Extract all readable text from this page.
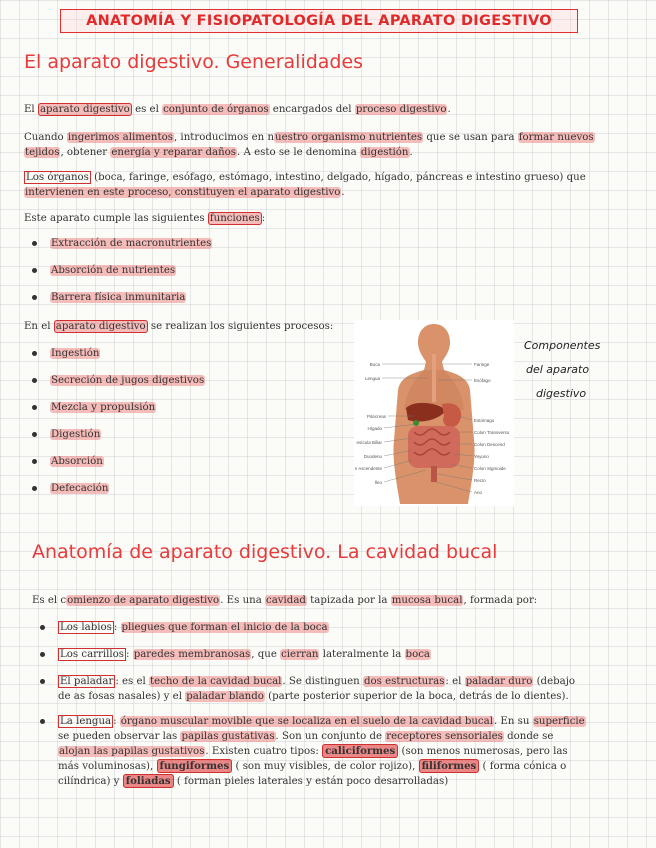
ANATOMÍA Y FISIOPATOLOGÍA DEL APARATO DIGESTIVO
El aparato digestivo. Generalidades
El aparato digestivo es el conjunto de órganos encargados del proceso digestivo.
Cuando ingerimos alimentos, introducimos en nuestro organismo nutrientes que se usan para formar nuevos
tejidos, obtener energía y reparar daños. A esto se le denomina digestión.
Los órganos (boca, faringe, esófago, estómago, intestino, delgado, hígado, páncreas e intestino grueso) que
intervienen en este proceso, constituyen el aparato digestivo.
Este aparato cumple las siguientes funciones :
Extracción de macronutrientes
Absorción de nutrientes
Barrera física inmunitaria
En el aparato digestivo se realizan los siguientes procesos:
Ingestión
Secreción de jugos digestivos
Mezcla y propulsión
Digestión
Absorción
Defecación
Boca
Lengua
Páncreas
Hígado
esícula Biliar
Duodeno
n Ascendente
Íleo
Faringe
Esófago
Estómago
Colon Transverso
Colon Descend
Yeyuno
Colon Sigmoide
Recto
Ano
Componentes
del aparato
digestivo
Anatomía de aparato digestivo. La cavidad bucal
Es el comienzo de aparato digestivo. Es una cavidad tapizada por la mucosa bucal, formada por:
Los labios : pliegues que forman el inicio de la boca
Los carrillos : paredes membranosas, que cierran lateralmente la boca
El paladar : es el techo de la cavidad bucal. Se distinguen dos estructuras: el paladar duro (debajo
de as fosas nasales) y el paladar blando (parte posterior superior de la boca, detrás de lo dientes).
La lengua : órgano muscular movible que se localiza en el suelo de la cavidad bucal. En su superficie
se pueden observar las papilas gustativas. Son un conjunto de receptores sensoriales donde se
alojan las papilas gustativos. Existen cuatro tipos: caliciformes (son menos numerosas, pero las
más voluminosas), fungiformes ( son muy visibles, de color rojizo), filiformes ( forma cónica o
cilíndrica) y foliadas ( forman pieles laterales y están poco desarrolladas)
